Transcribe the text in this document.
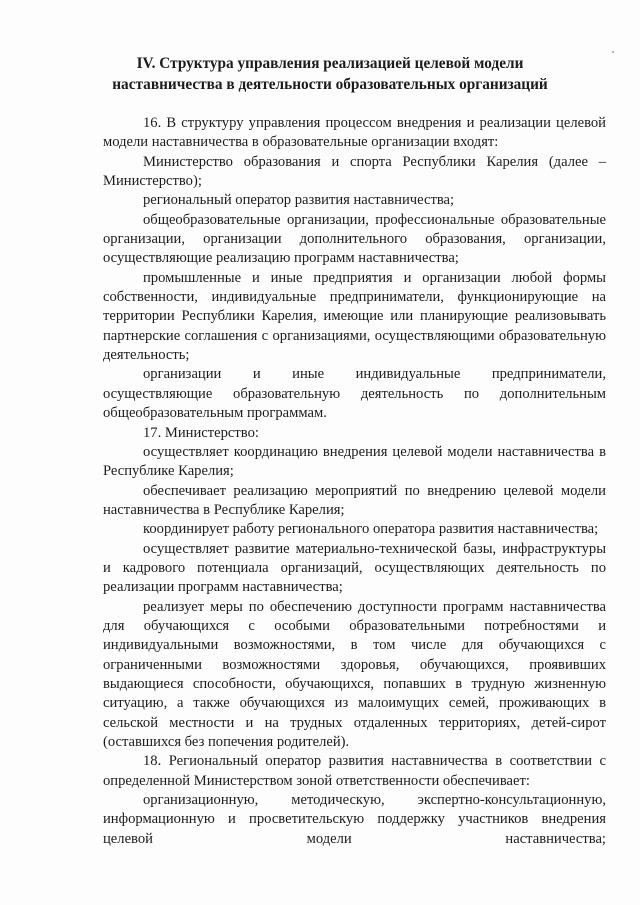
IV. Структура управления реализацией целевой модели
наставничества в деятельности образовательных организаций

16. В структуру управления процессом внедрения и реализации целевой модели наставничества в образовательные организации входят:

Министерство образования и спорта Республики Карелия (далее – Министерство);

региональный оператор развития наставничества;

общеобразовательные организации, профессиональные образовательные организации, организации дополнительного образования, организации, осуществляющие реализацию программ наставничества;

промышленные и иные предприятия и организации любой формы собственности, индивидуальные предприниматели, функционирующие на территории Республики Карелия, имеющие или планирующие реализовывать партнерские соглашения с организациями, осуществляющими образовательную деятельность;

организации и иные индивидуальные предприниматели, осуществляющие образовательную деятельность по дополнительным общеобразовательным программам.

17. Министерство:

осуществляет координацию внедрения целевой модели наставничества в Республике Карелия;

обеспечивает реализацию мероприятий по внедрению целевой модели наставничества в Республике Карелия;

координирует работу регионального оператора развития наставничества;

осуществляет развитие материально-технической базы, инфраструктуры и кадрового потенциала организаций, осуществляющих деятельность по реализации программ наставничества;

реализует меры по обеспечению доступности программ наставничества для обучающихся с особыми образовательными потребностями и индивидуальными возможностями, в том числе для обучающихся с ограниченными возможностями здоровья, обучающихся, проявивших выдающиеся способности, обучающихся, попавших в трудную жизненную ситуацию, а также обучающихся из малоимущих семей, проживающих в сельской местности и на трудных отдаленных территориях, детей-сирот (оставшихся без попечения родителей).

18. Региональный оператор развития наставничества в соответствии с определенной Министерством зоной ответственности обеспечивает:

организационную, методическую, экспертно-консультационную, информационную и просветительскую поддержку участников внедрения целевой модели наставничества;
